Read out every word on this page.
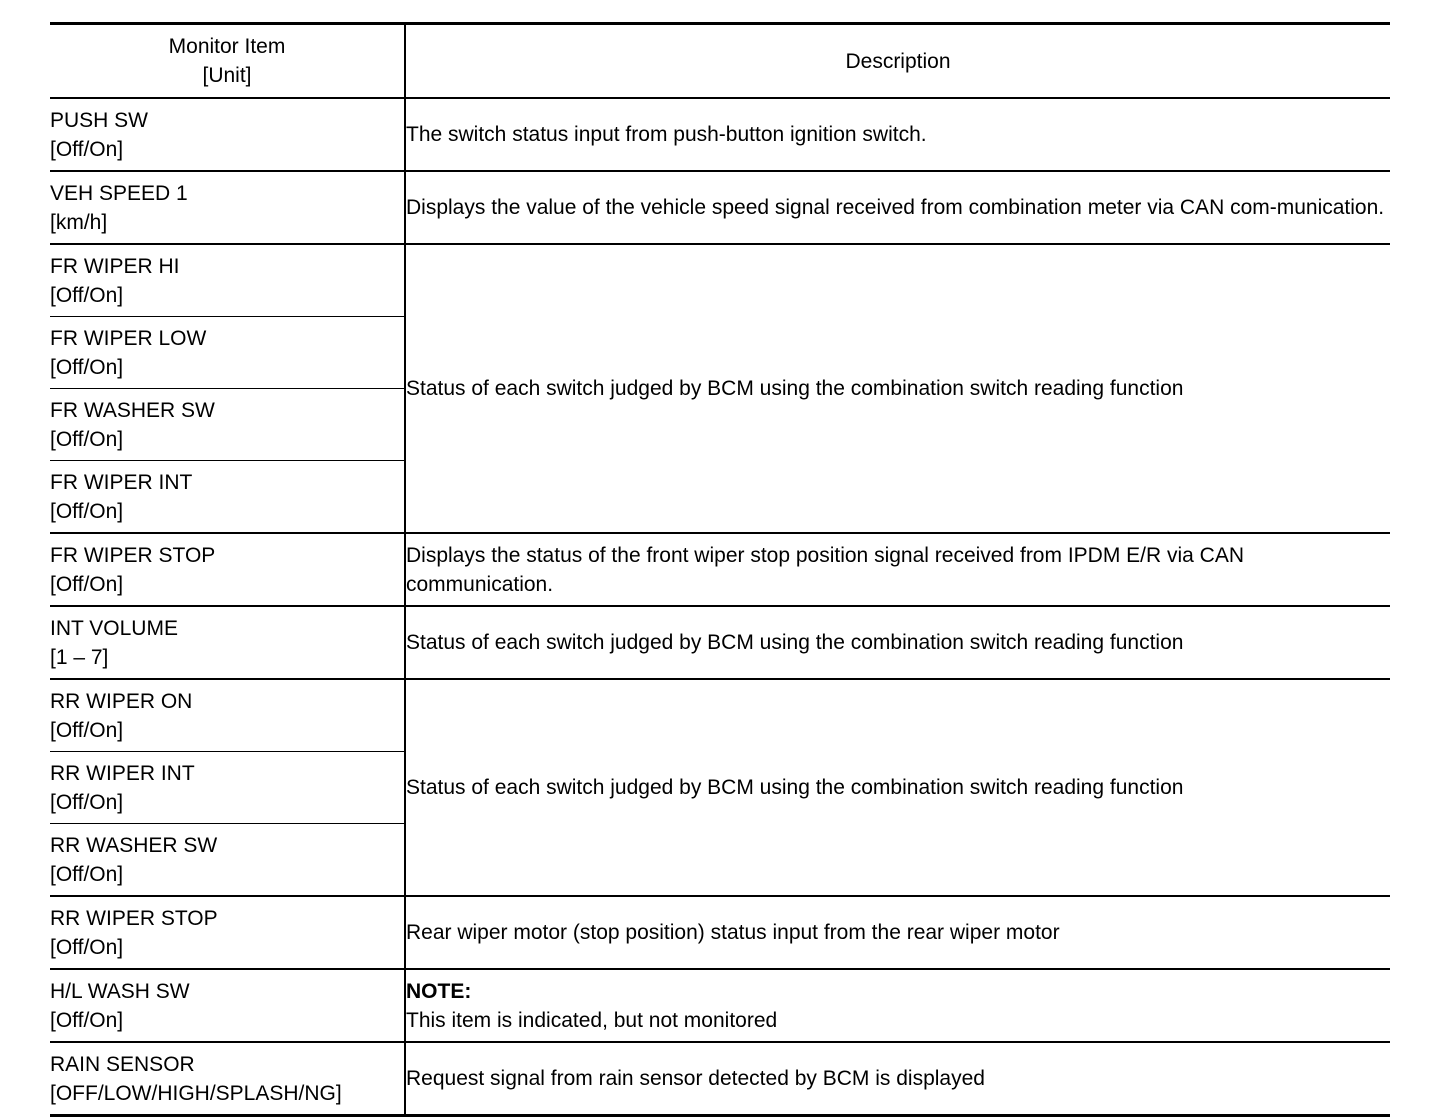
Monitor Item
[Unit]	Description

PUSH SW
[Off/On]	The switch status input from push-button ignition switch.

VEH SPEED 1
[km/h]	Displays the value of the vehicle speed signal received from combination meter via CAN com-munication.

FR WIPER HI
[Off/On]	Status of each switch judged by BCM using the combination switch reading function

FR WIPER LOW
[Off/On]	

FR WASHER SW
[Off/On]	

FR WIPER INT
[Off/On]	

FR WIPER STOP
[Off/On]	Displays the status of the front wiper stop position signal received from IPDM E/R via CAN communication.

INT VOLUME
[1 – 7]	Status of each switch judged by BCM using the combination switch reading function

RR WIPER ON
[Off/On]	Status of each switch judged by BCM using the combination switch reading function

RR WIPER INT
[Off/On]	

RR WASHER SW
[Off/On]	

RR WIPER STOP
[Off/On]	Rear wiper motor (stop position) status input from the rear wiper motor

H/L WASH SW
[Off/On]	NOTE:
This item is indicated, but not monitored

RAIN SENSOR
[OFF/LOW/HIGH/SPLASH/NG]	Request signal from rain sensor detected by BCM is displayed
